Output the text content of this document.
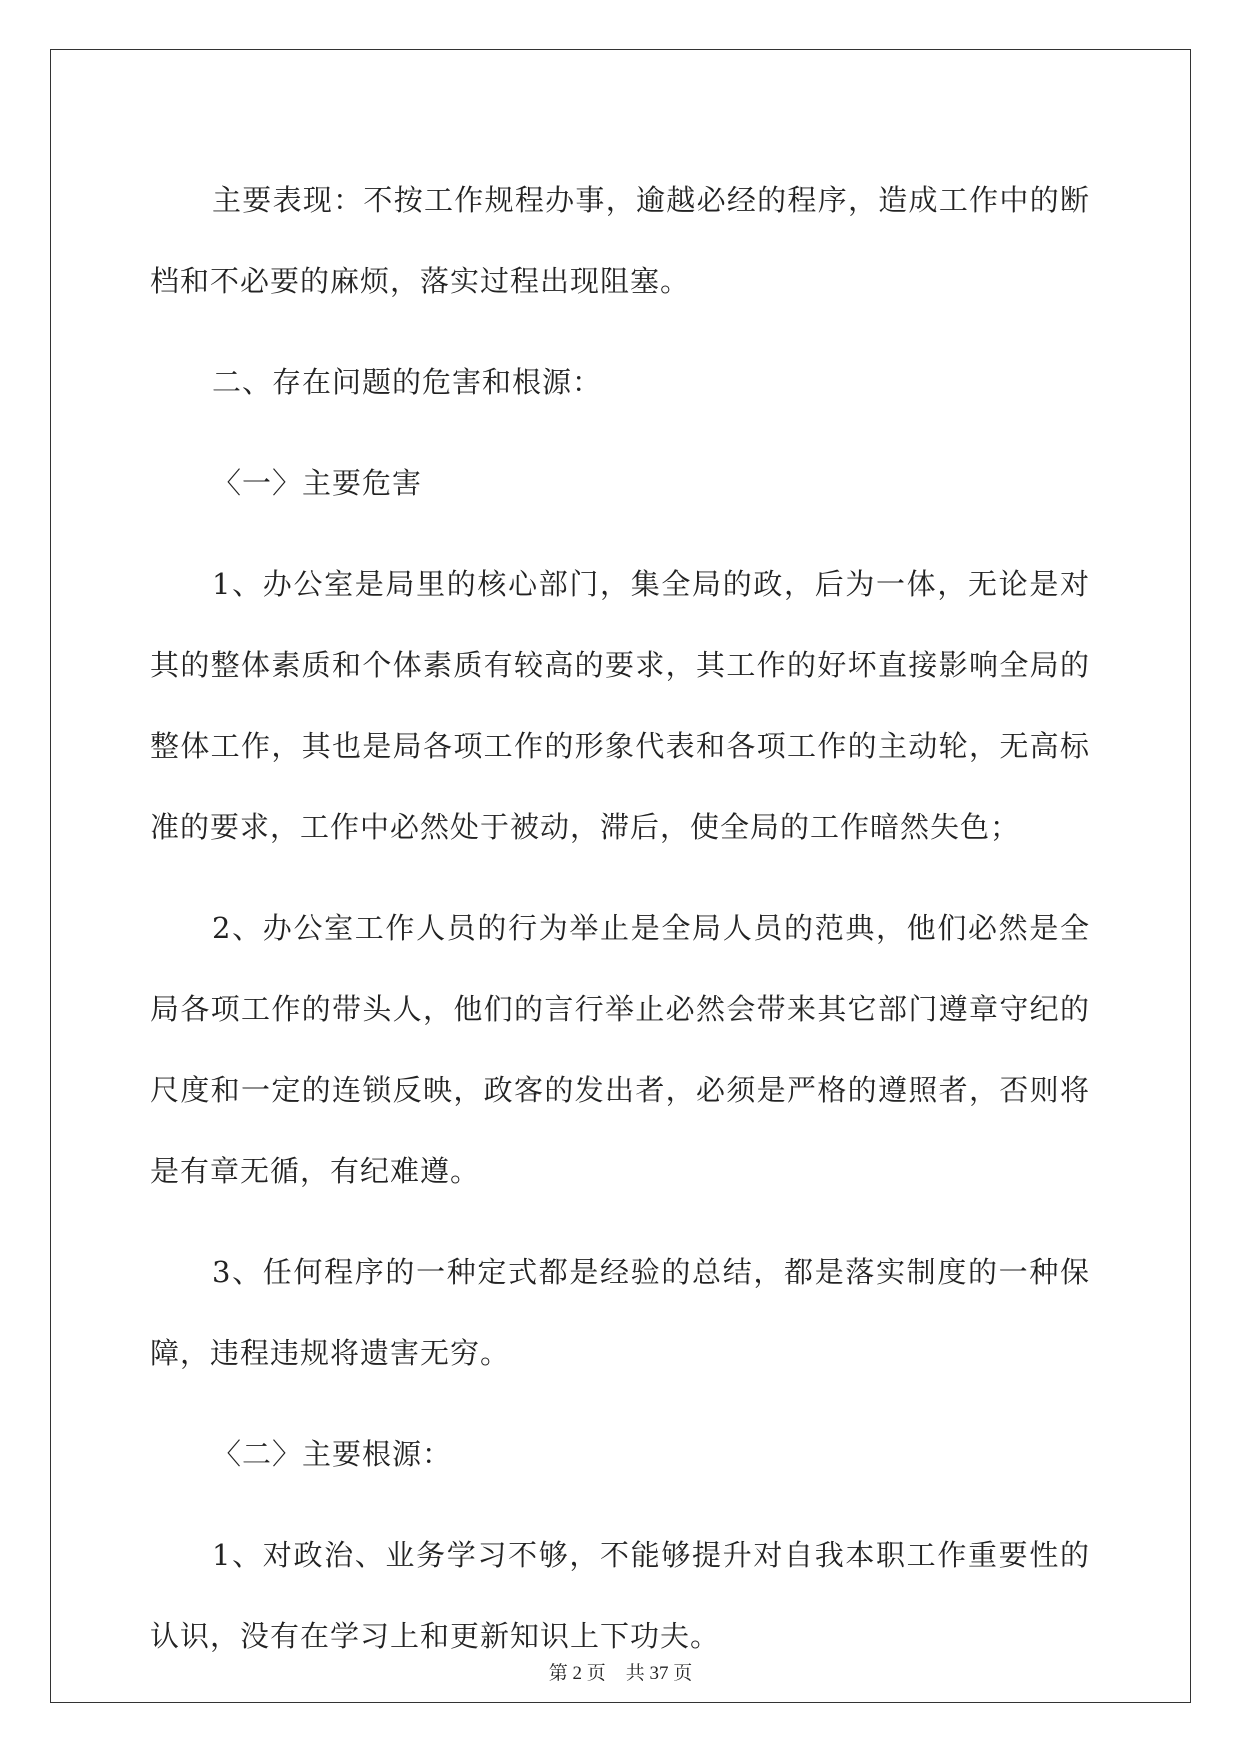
主要表现：不按工作规程办事，逾越必经的程序，造成工作中的断档和不必要的麻烦，落实过程出现阻塞。

二、存在问题的危害和根源：

〈一〉主要危害

1、办公室是局里的核心部门，集全局的政，后为一体，无论是对其的整体素质和个体素质有较高的要求，其工作的好坏直接影响全局的整体工作，其也是局各项工作的形象代表和各项工作的主动轮，无高标准的要求，工作中必然处于被动，滞后，使全局的工作暗然失色；

2、办公室工作人员的行为举止是全局人员的范典，他们必然是全局各项工作的带头人，他们的言行举止必然会带来其它部门遵章守纪的尺度和一定的连锁反映，政客的发出者，必须是严格的遵照者，否则将是有章无循，有纪难遵。

3、任何程序的一种定式都是经验的总结，都是落实制度的一种保障，违程违规将遗害无穷。

〈二〉主要根源：

1、对政治、业务学习不够，不能够提升对自我本职工作重要性的认识，没有在学习上和更新知识上下功夫。

第 2 页 共 37 页
